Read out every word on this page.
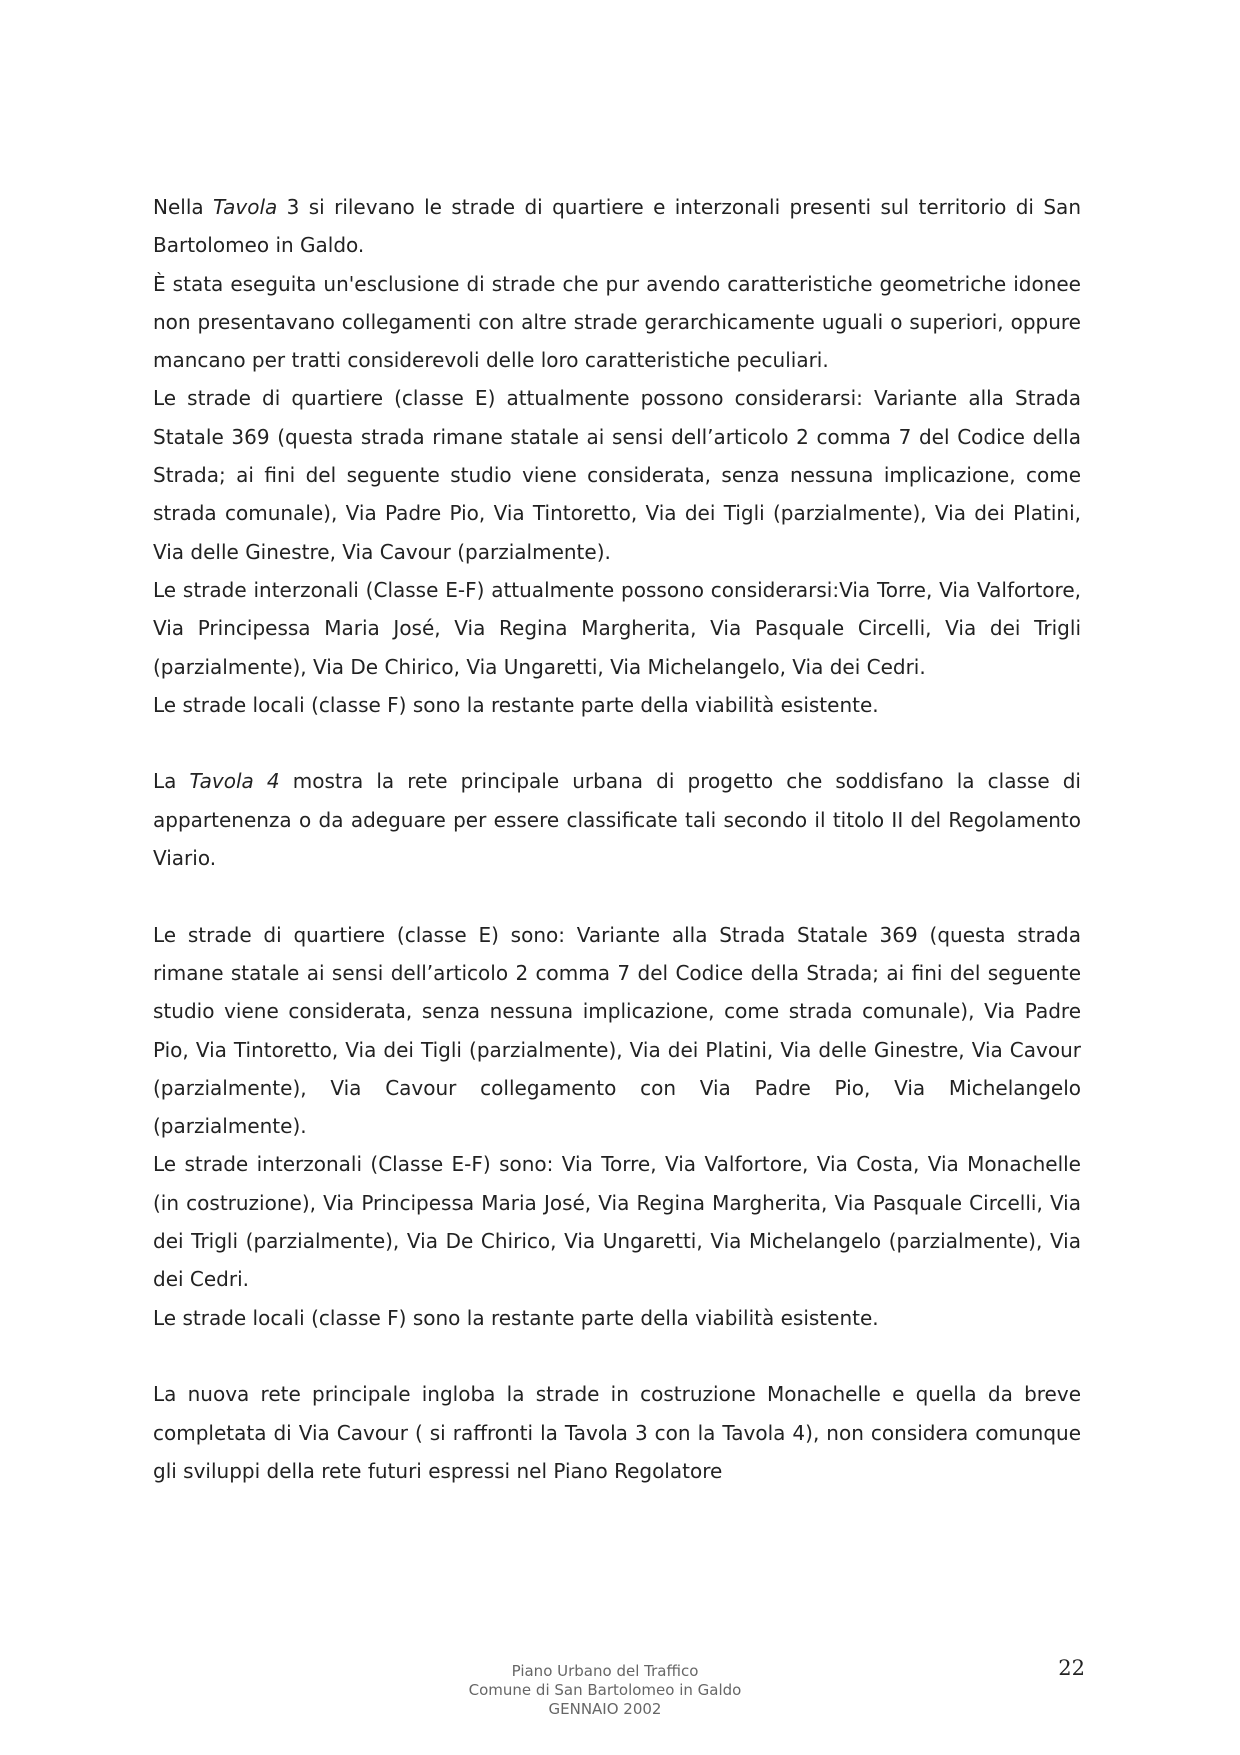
Nella Tavola 3 si rilevano le strade di quartiere e interzonali presenti sul territorio di San Bartolomeo in Galdo.

È stata eseguita un'esclusione di strade che pur avendo caratteristiche geometriche idonee non presentavano collegamenti con altre strade gerarchicamente uguali o superiori, oppure mancano per tratti considerevoli delle loro caratteristiche peculiari.

Le strade di quartiere (classe E) attualmente possono considerarsi: Variante alla Strada Statale 369 (questa strada rimane statale ai sensi dell’articolo 2 comma 7 del Codice della Strada; ai fini del seguente studio viene considerata, senza nessuna implicazione, come strada comunale), Via Padre Pio, Via Tintoretto, Via dei Tigli (parzialmente), Via dei Platini, Via delle Ginestre, Via Cavour (parzialmente).

Le strade interzonali (Classe E-F) attualmente possono considerarsi:Via Torre, Via Valfortore, Via Principessa Maria José, Via Regina Margherita, Via Pasquale Circelli, Via dei Trigli (parzialmente), Via De Chirico, Via Ungaretti, Via Michelangelo, Via dei Cedri.

Le strade locali (classe F) sono la restante parte della viabilità esistente.

La Tavola 4 mostra la rete principale urbana di progetto che soddisfano la classe di appartenenza o da adeguare per essere classificate tali secondo il titolo II del Regolamento Viario.

Le strade di quartiere (classe E) sono: Variante alla Strada Statale 369 (questa strada rimane statale ai sensi dell’articolo 2 comma 7 del Codice della Strada; ai fini del seguente studio viene considerata, senza nessuna implicazione, come strada comunale), Via Padre Pio, Via Tintoretto, Via dei Tigli (parzialmente), Via dei Platini, Via delle Ginestre, Via Cavour (parzialmente), Via Cavour collegamento con Via Padre Pio, Via Michelangelo (parzialmente).

Le strade interzonali (Classe E-F) sono: Via Torre, Via Valfortore, Via Costa, Via Monachelle (in costruzione), Via Principessa Maria José, Via Regina Margherita, Via Pasquale Circelli, Via dei Trigli (parzialmente), Via De Chirico, Via Ungaretti, Via Michelangelo (parzialmente), Via dei Cedri.

Le strade locali (classe F) sono la restante parte della viabilità esistente.

La nuova rete principale ingloba la strade in costruzione Monachelle e quella da breve completata di Via Cavour ( si raffronti la Tavola 3 con la Tavola 4), non considera comunque gli sviluppi della rete futuri espressi nel Piano Regolatore

Piano Urbano del Traffico
Comune di San Bartolomeo in Galdo
GENNAIO 2002
22
